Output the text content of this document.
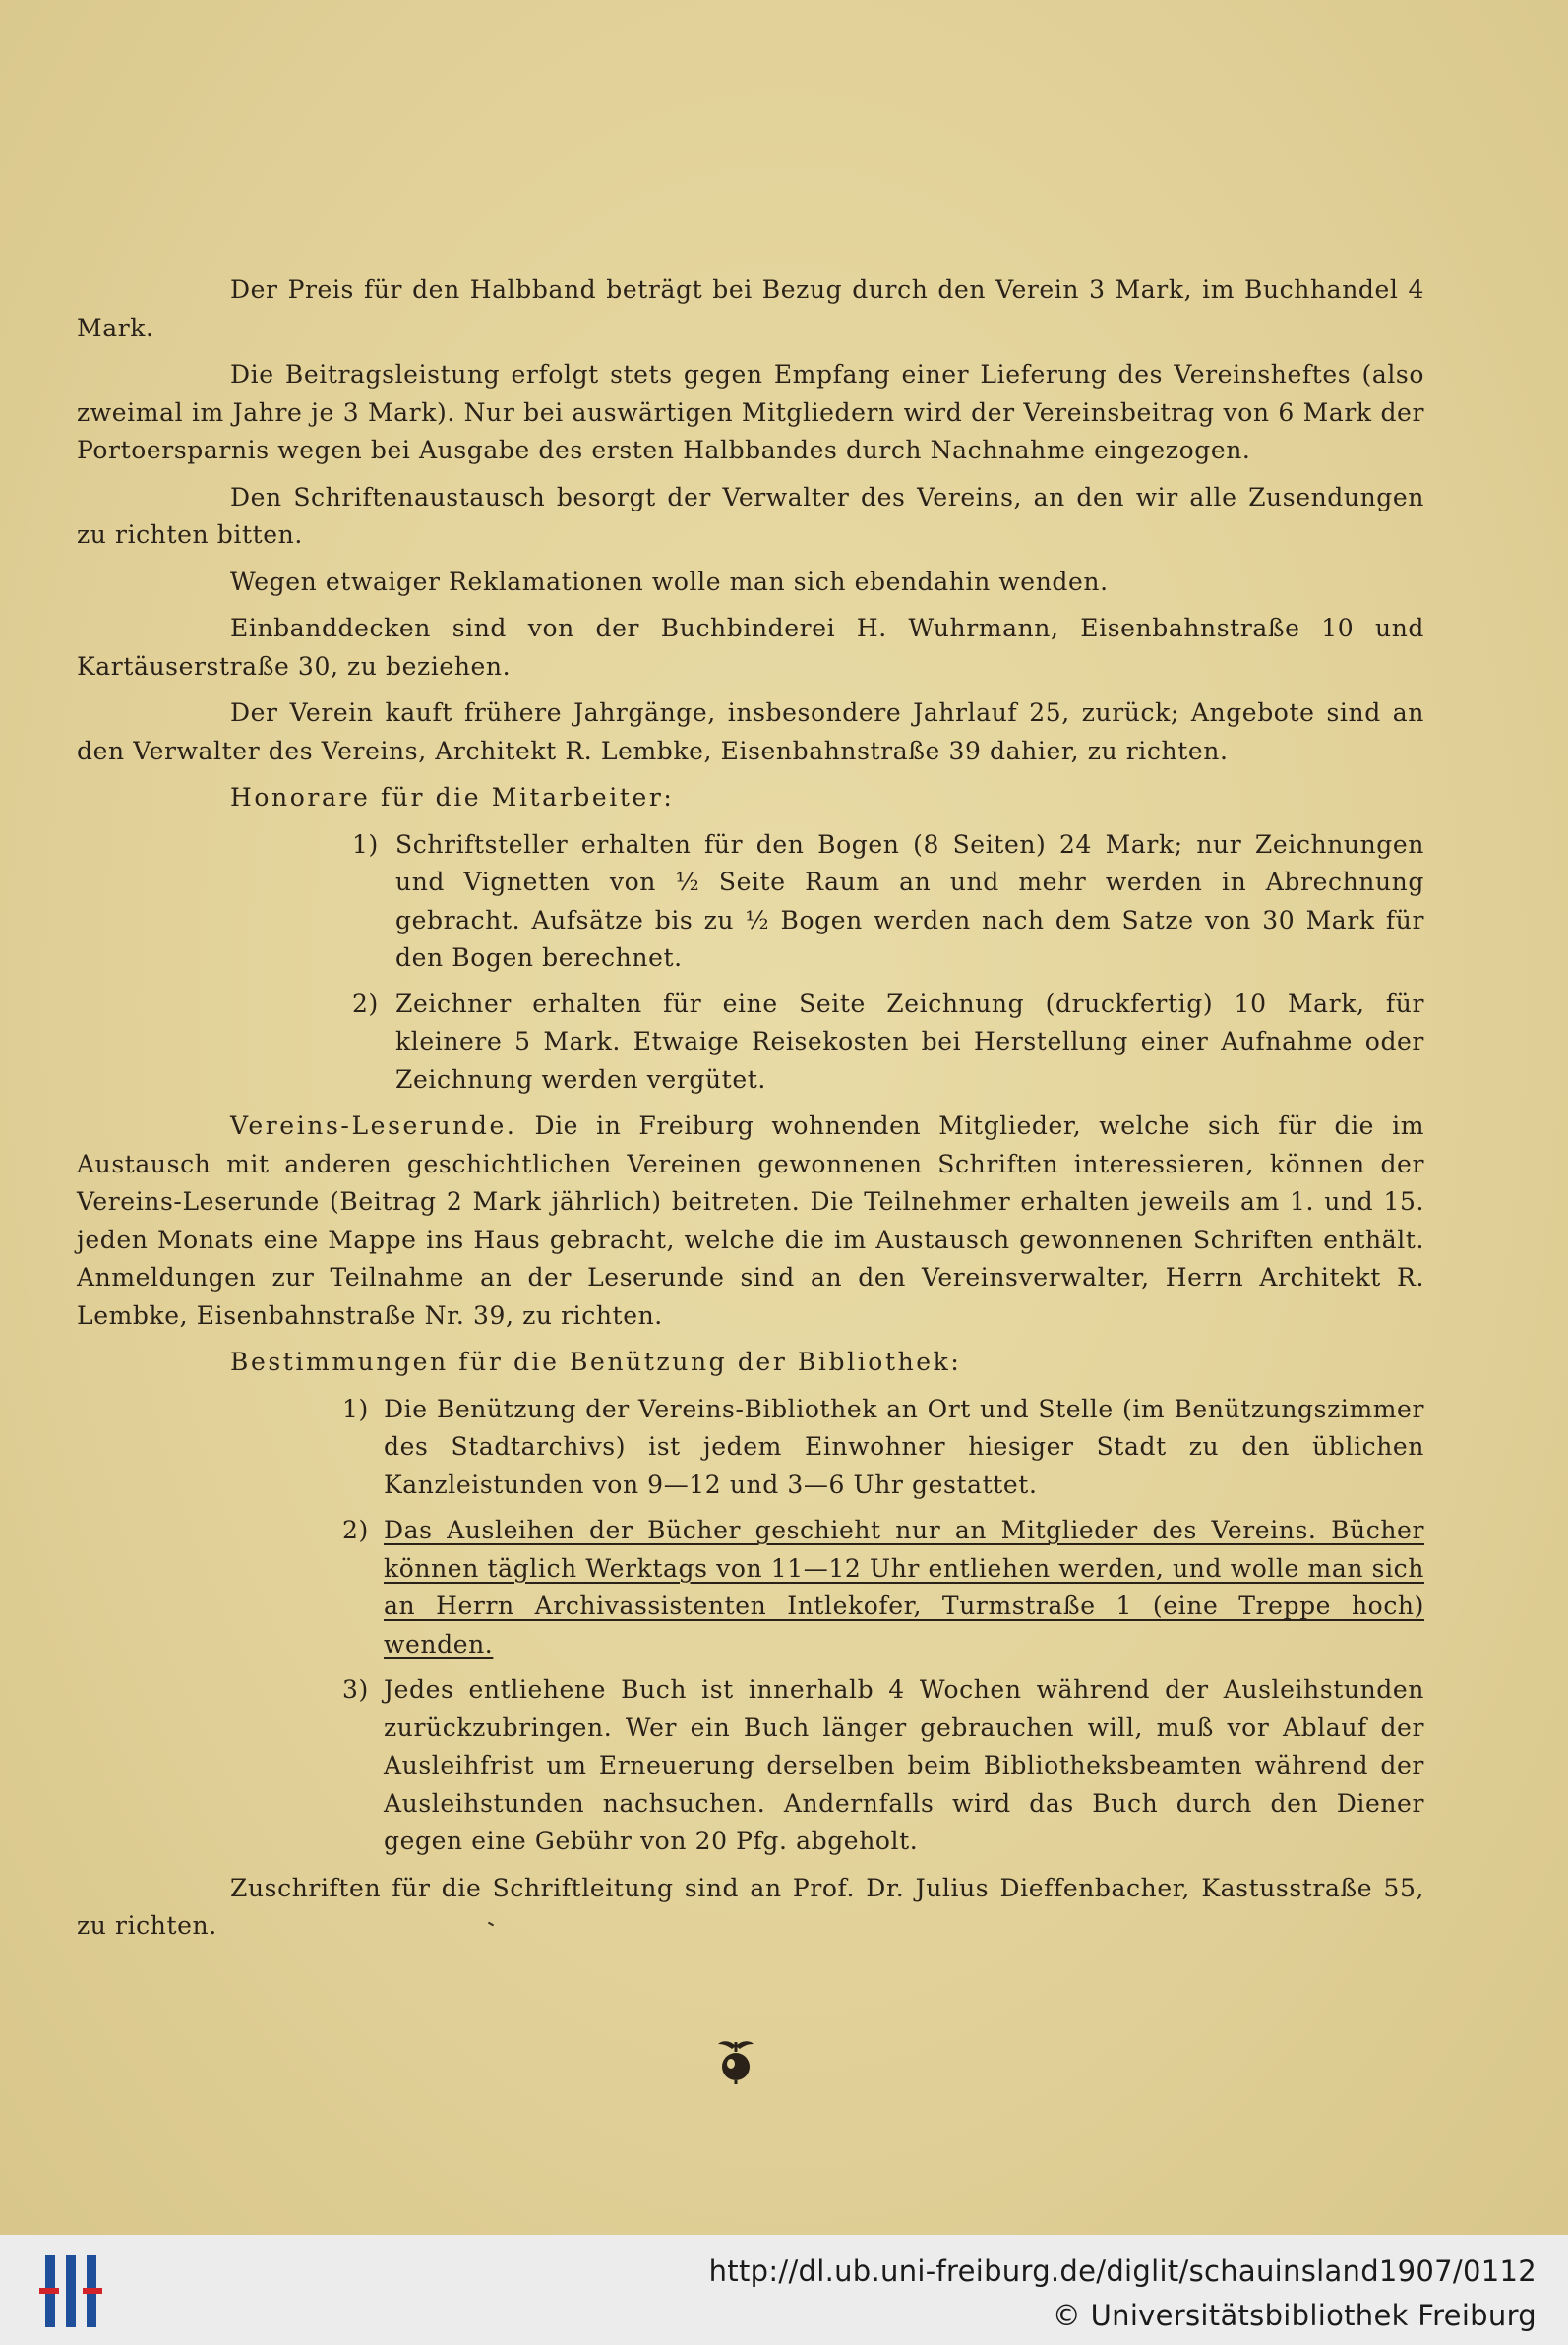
Der Preis für den Halbband beträgt bei Bezug durch den Verein 3 Mark, im Buchhandel 4 Mark.

Die Beitragsleistung erfolgt stets gegen Empfang einer Lieferung des Vereinsheftes (also zweimal im Jahre je 3 Mark). Nur bei auswärtigen Mitgliedern wird der Vereinsbeitrag von 6 Mark der Portoersparnis wegen bei Ausgabe des ersten Halbbandes durch Nachnahme eingezogen.

Den Schriftenaustausch besorgt der Verwalter des Vereins, an den wir alle Zusendungen zu richten bitten.

Wegen etwaiger Reklamationen wolle man sich ebendahin wenden.

Einbanddecken sind von der Buchbinderei H. Wuhrmann, Eisenbahnstraße 10 und Kartäuserstraße 30, zu beziehen.

Der Verein kauft frühere Jahrgänge, insbesondere Jahrlauf 25, zurück; Angebote sind an den Verwalter des Vereins, Architekt R. Lembke, Eisenbahnstraße 39 dahier, zu richten.

Honorare für die Mitarbeiter:

1) Schriftsteller erhalten für den Bogen (8 Seiten) 24 Mark; nur Zeichnungen und Vignetten von ½ Seite Raum an und mehr werden in Abrechnung gebracht. Aufsätze bis zu ½ Bogen werden nach dem Satze von 30 Mark für den Bogen berechnet.
2) Zeichner erhalten für eine Seite Zeichnung (druckfertig) 10 Mark, für kleinere 5 Mark. Etwaige Reisekosten bei Herstellung einer Aufnahme oder Zeichnung werden vergütet.

Vereins-Leserunde. Die in Freiburg wohnenden Mitglieder, welche sich für die im Austausch mit anderen geschichtlichen Vereinen gewonnenen Schriften interessieren, können der Vereins-Leserunde (Beitrag 2 Mark jährlich) beitreten. Die Teilnehmer erhalten jeweils am 1. und 15. jeden Monats eine Mappe ins Haus gebracht, welche die im Austausch gewonnenen Schriften enthält. Anmeldungen zur Teilnahme an der Leserunde sind an den Vereinsverwalter, Herrn Architekt R. Lembke, Eisenbahnstraße Nr. 39, zu richten.

Bestimmungen für die Benützung der Bibliothek:

1) Die Benützung der Vereins-Bibliothek an Ort und Stelle (im Benützungszimmer des Stadtarchivs) ist jedem Einwohner hiesiger Stadt zu den üblichen Kanzleistunden von 9—12 und 3—6 Uhr gestattet.
2) Das Ausleihen der Bücher geschieht nur an Mitglieder des Vereins. Bücher können täglich Werktags von 11—12 Uhr entliehen werden, und wolle man sich an Herrn Archivassistenten Intlekofer, Turmstraße 1 (eine Treppe hoch) wenden.
3) Jedes entliehene Buch ist innerhalb 4 Wochen während der Ausleihstunden zurückzubringen. Wer ein Buch länger gebrauchen will, muß vor Ablauf der Ausleihfrist um Erneuerung derselben beim Bibliotheksbeamten während der Ausleihstunden nachsuchen. Andernfalls wird das Buch durch den Diener gegen eine Gebühr von 20 Pfg. abgeholt.

Zuschriften für die Schriftleitung sind an Prof. Dr. Julius Dieffenbacher, Kastusstraße 55, zu richten.

http://dl.ub.uni-freiburg.de/diglit/schauinsland1907/0112
© Universitätsbibliothek Freiburg
